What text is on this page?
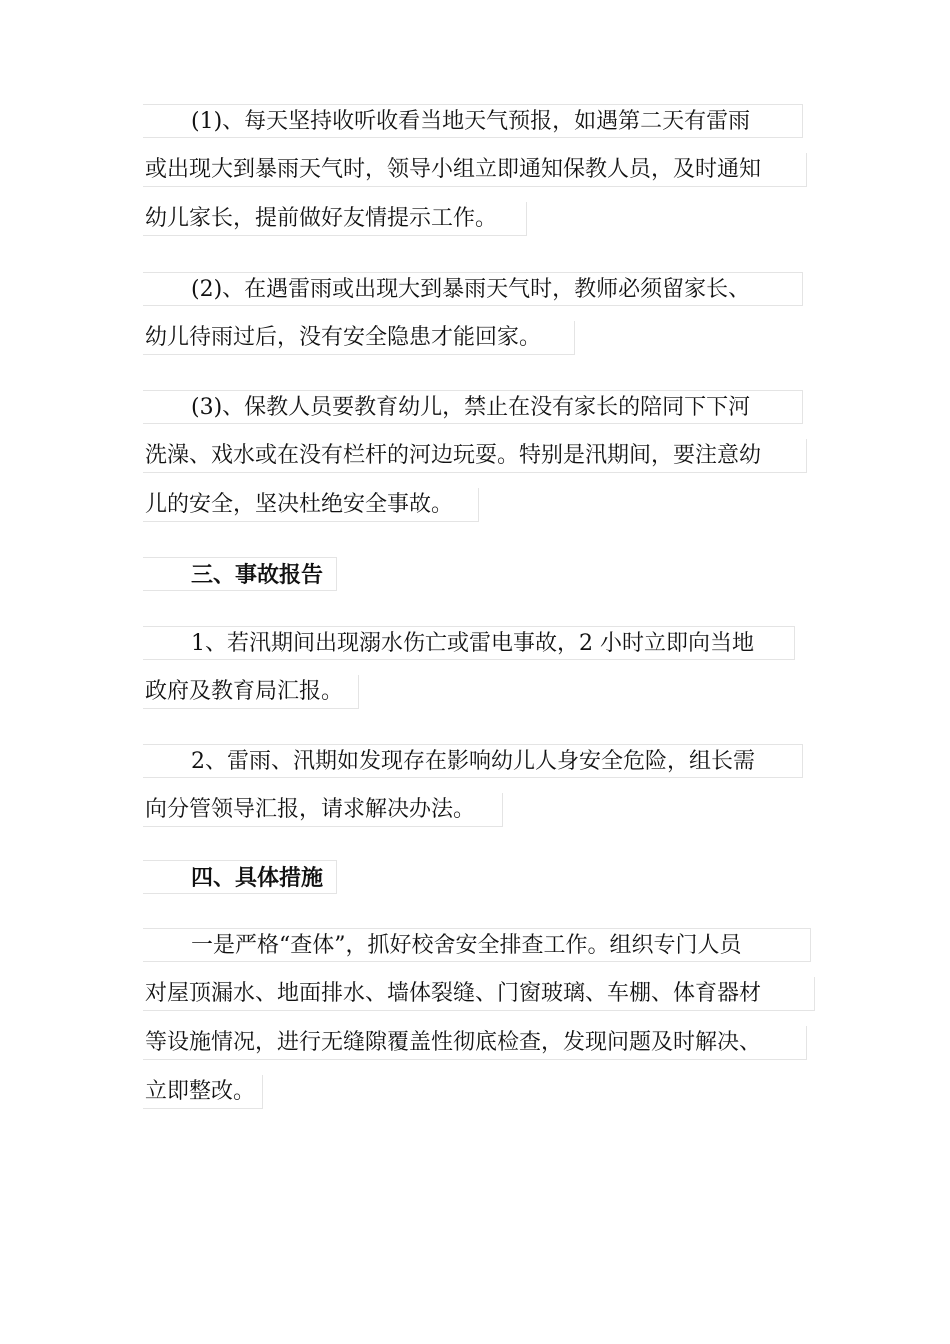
(1)、每天坚持收听收看当地天气预报，如遇第二天有雷雨
或出现大到暴雨天气时，领导小组立即通知保教人员，及时通知
幼儿家长，提前做好友情提示工作。
(2)、在遇雷雨或出现大到暴雨天气时，教师必须留家长、
幼儿待雨过后，没有安全隐患才能回家。
(3)、保教人员要教育幼儿，禁止在没有家长的陪同下下河
洗澡、戏水或在没有栏杆的河边玩耍。特别是汛期间，要注意幼
儿的安全，坚决杜绝安全事故。
三、事故报告
1、若汛期间出现溺水伤亡或雷电事故，2 小时立即向当地
政府及教育局汇报。
2、雷雨、汛期如发现存在影响幼儿人身安全危险，组长需
向分管领导汇报，请求解决办法。
四、具体措施
一是严格“查体”，抓好校舍安全排查工作。组织专门人员
对屋顶漏水、地面排水、墙体裂缝、门窗玻璃、车棚、体育器材
等设施情况，进行无缝隙覆盖性彻底检查，发现问题及时解决、
立即整改。
